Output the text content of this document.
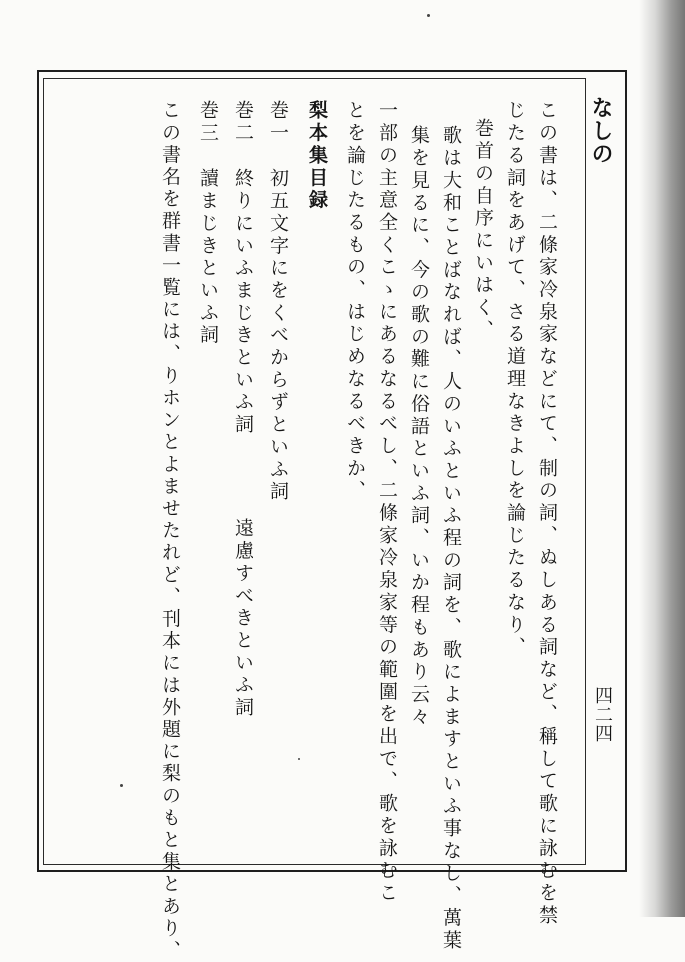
なしの
四二四
この書は、二條家冷泉家などにて、制の詞、ぬしある詞など、稱して歌に詠むを禁
じたる詞をあげて、さる道理なきよしを論じたるなり、
巻首の自序にいはく、
歌は大和ことばなれば、人のいふといふ程の詞を、歌によますといふ事なし、萬葉
集を見るに、今の歌の難に俗語といふ詞、いか程もあり云々
一部の主意全くこゝにあるなるべし、二條家冷泉家等の範圍を出で、歌を詠むこ
とを論じたるもの、はじめなるべきか、
梨本集目録
巻一
初五文字にをくべからずといふ詞
巻二
終りにいふまじきといふ詞
遠慮すべきといふ詞
巻三
讀まじきといふ詞
この書名を群書一覧には、りホンとよませたれど、刊本には外題に梨のもと集とあり、
